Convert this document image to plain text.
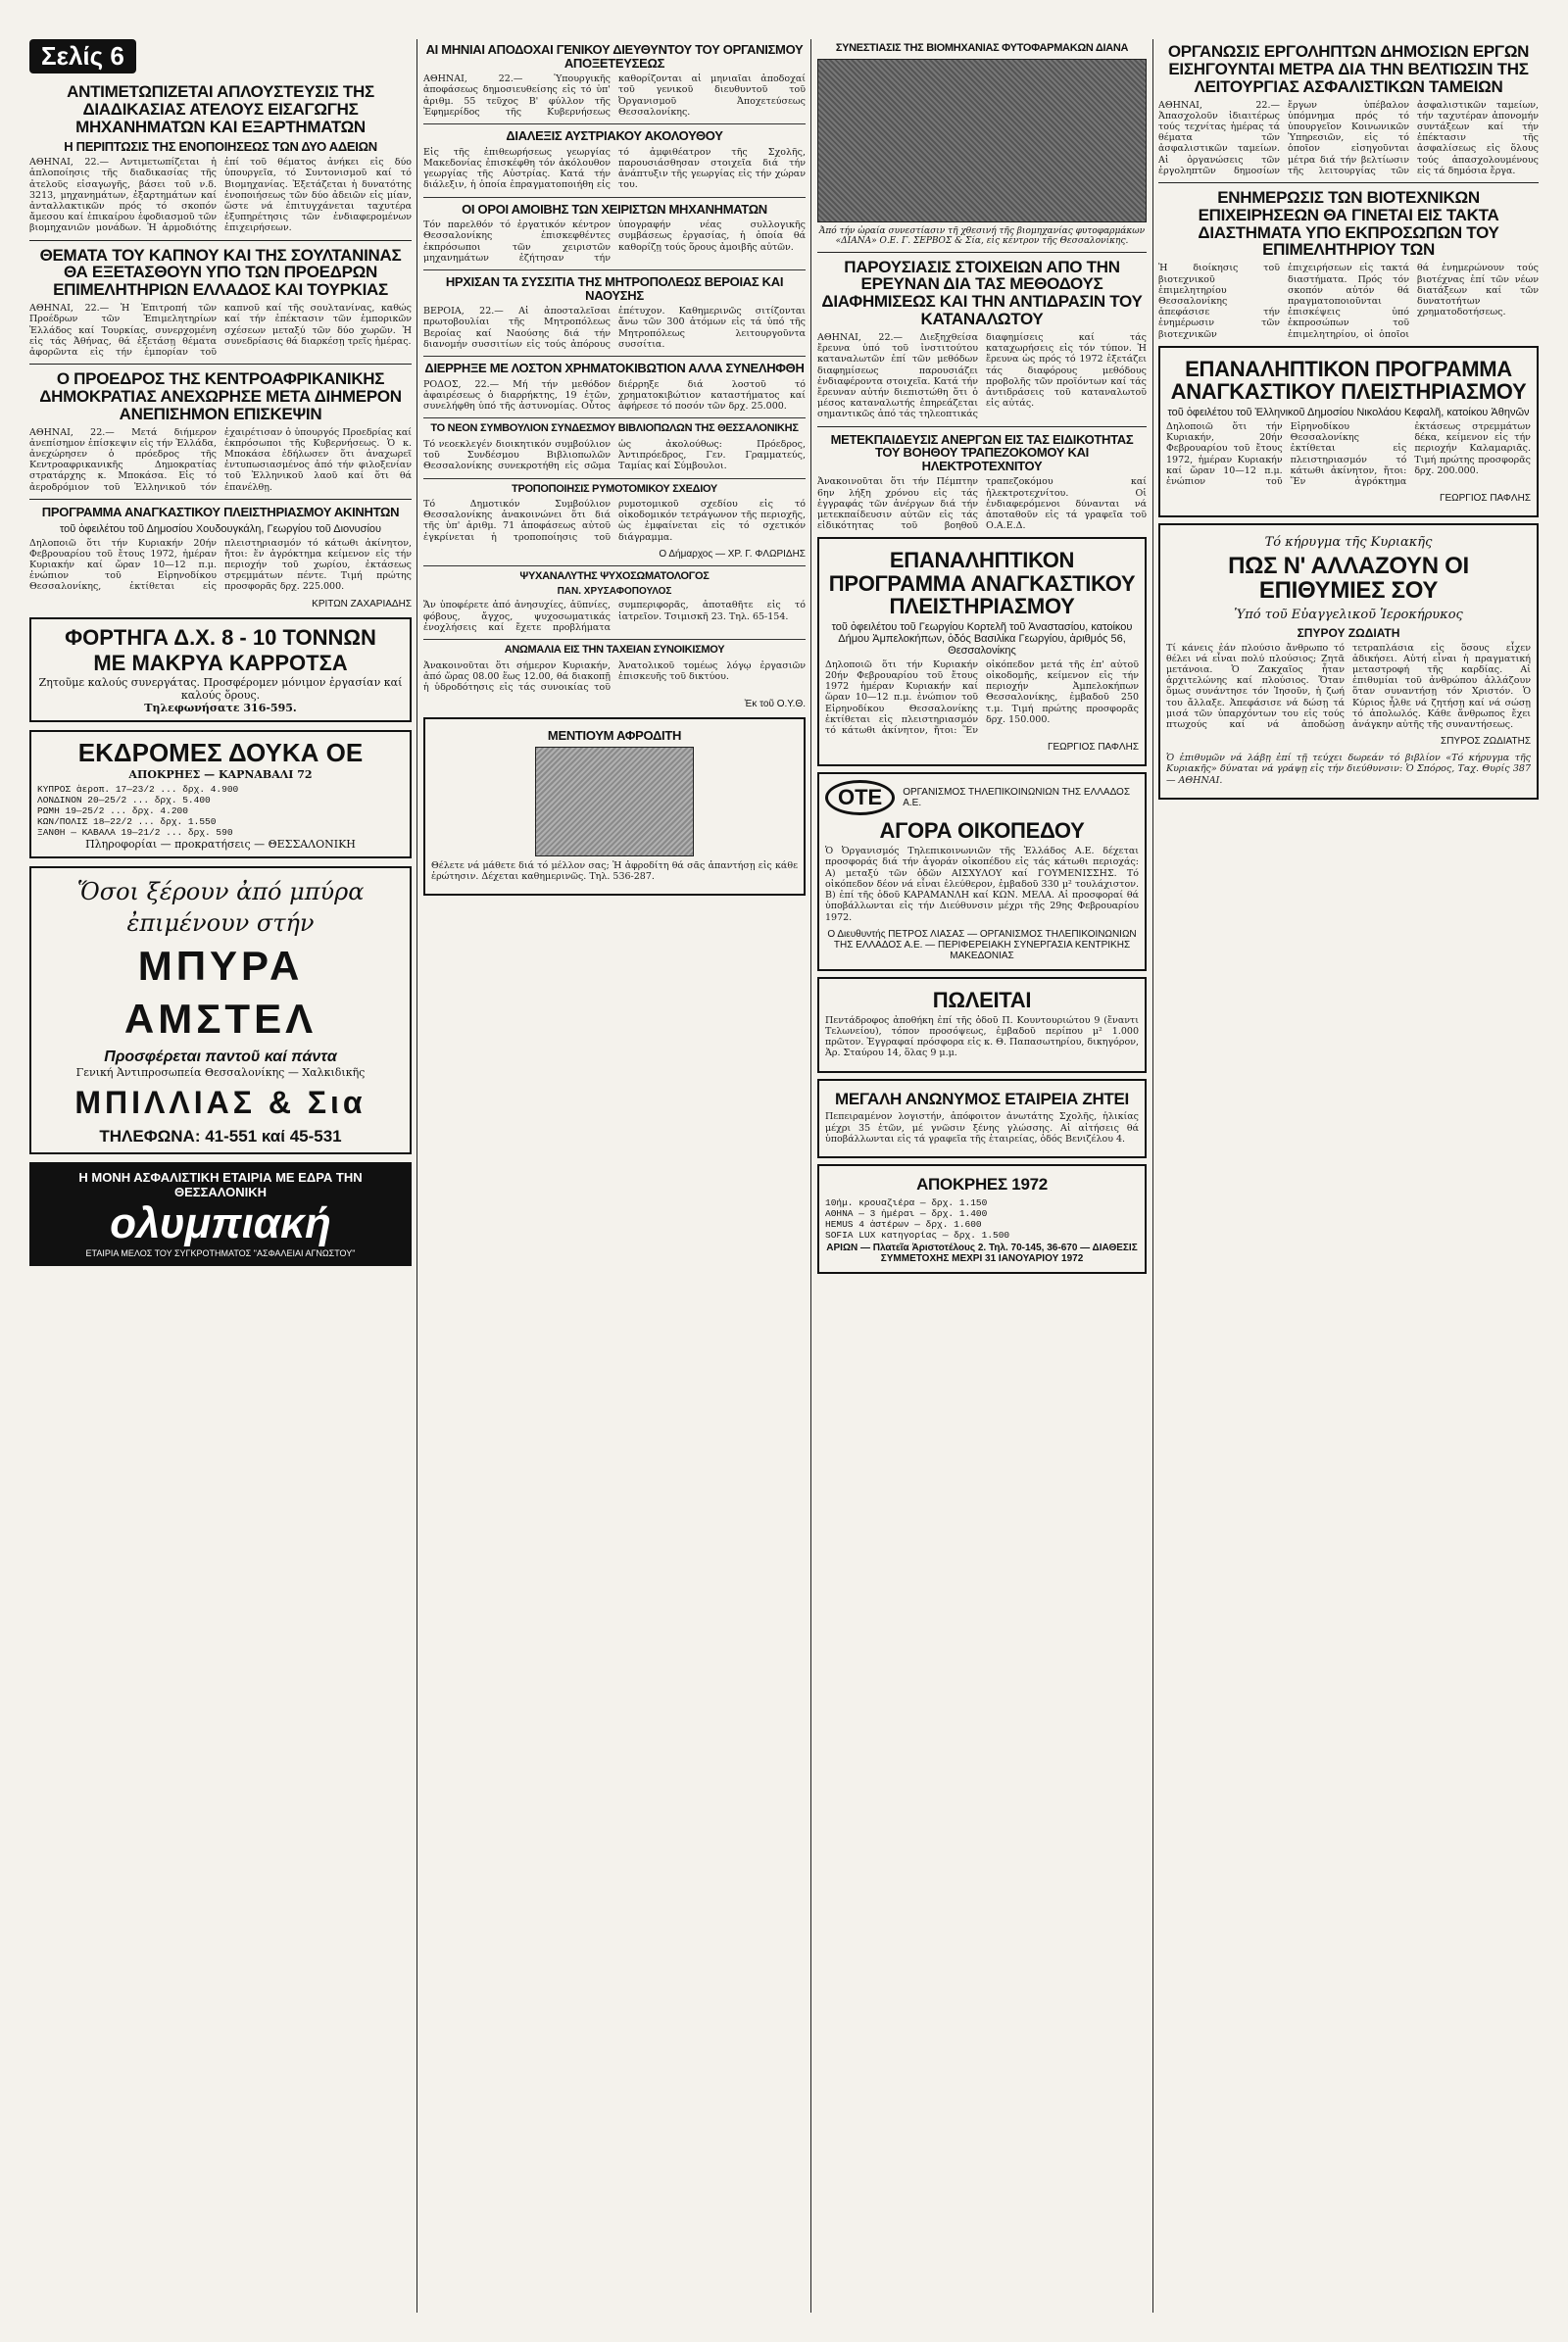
Σελίς 6
ΑΝΤΙΜΕΤΩΠΙΖΕΤΑΙ ΑΠΛΟΥΣΤΕΥΣΙΣ ΤΗΣ ΔΙΑΔΙΚΑΣΙΑΣ ΑΤΕΛΟΥΣ ΕΙΣΑΓΩΓΗΣ ΜΗΧΑΝΗΜΑΤΩΝ ΚΑΙ ΕΞΑΡΤΗΜΑΤΩΝ
Η ΠΕΡΙΠΤΩΣΙΣ ΤΗΣ ΕΝΟΠΟΙΗΣΕΩΣ ΤΩΝ ΔΥΟ ΑΔΕΙΩΝ
ΑΘΗΝΑΙ, 22.— Αντιμετωπίζεται ἡ ἁπλοποίησις τῆς διαδικασίας τῆς ἀτελοῦς εἰσαγωγῆς, βάσει τοῦ ν.δ. 3213, μηχανημάτων, ἐξαρτημάτων καί ἀνταλλακτικῶν πρός τό σκοπόν ἄμεσου καί ἐπικαίρου ἐφοδιασμοῦ τῶν βιομηχανιῶν μονάδων. Ἡ ἁρμοδιότης ἐπί τοῦ θέματος ἀνήκει εἰς δύο ὑπουργεῖα, τό Συντονισμοῦ καί τό Βιομηχανίας. Ἐξετάζεται ἡ δυνατότης ἐνοποιήσεως τῶν δύο ἀδειῶν εἰς μίαν, ὥστε νά ἐπιτυγχάνεται ταχυτέρα ἐξυπηρέτησις τῶν ἐνδιαφερομένων ἐπιχειρήσεων.
ΘΕΜΑΤΑ ΤΟΥ ΚΑΠΝΟΥ ΚΑΙ ΤΗΣ ΣΟΥΛΤΑΝΙΝΑΣ ΘΑ ΕΞΕΤΑΣΘΟΥΝ ΥΠΟ ΤΩΝ ΠΡΟΕΔΡΩΝ ΕΠΙΜΕΛΗΤΗΡΙΩΝ ΕΛΛΑΔΟΣ ΚΑΙ ΤΟΥΡΚΙΑΣ
ΑΘΗΝΑΙ, 22.— Ἡ Ἐπιτροπή τῶν Προέδρων τῶν Ἐπιμελητηρίων Ἑλλάδος καί Τουρκίας, συνερχομένη εἰς τάς Ἀθήνας, θά ἐξετάσῃ θέματα ἀφορῶντα εἰς τήν ἐμπορίαν τοῦ καπνοῦ καί τῆς σουλτανίνας, καθώς καί τήν ἐπέκτασιν τῶν ἐμπορικῶν σχέσεων μεταξύ τῶν δύο χωρῶν. Ἡ συνεδρίασις θά διαρκέσῃ τρεῖς ἡμέρας.
Ο ΠΡΟΕΔΡΟΣ ΤΗΣ ΚΕΝΤΡΟΑΦΡΙΚΑΝΙΚΗΣ ΔΗΜΟΚΡΑΤΙΑΣ ΑΝΕΧΩΡΗΣΕ ΜΕΤΑ ΔΙΗΜΕΡΟΝ ΑΝΕΠΙΣΗΜΟΝ ΕΠΙΣΚΕΨΙΝ
ΑΘΗΝΑΙ, 22.— Μετά διήμερον ἀνεπίσημον ἐπίσκεψιν εἰς τήν Ἑλλάδα, ἀνεχώρησεν ὁ πρόεδρος τῆς Κεντροαφρικανικῆς Δημοκρατίας στρατάρχης κ. Μποκάσα. Εἰς τό ἀεροδρόμιον τοῦ Ἑλληνικοῦ τόν ἐχαιρέτισαν ὁ ὑπουργός Προεδρίας καί ἐκπρόσωποι τῆς Κυβερνήσεως. Ὁ κ. Μποκάσα ἐδήλωσεν ὅτι ἀναχωρεῖ ἐντυπωσιασμένος ἀπό τήν φιλοξενίαν τοῦ Ἑλληνικοῦ λαοῦ καί ὅτι θά ἐπανέλθῃ.
ΠΡΟΓΡΑΜΜΑ ΑΝΑΓΚΑΣΤΙΚΟΥ ΠΛΕΙΣΤΗΡΙΑΣΜΟΥ ΑΚΙΝΗΤΩΝ
τοῦ ὀφειλέτου τοῦ Δημοσίου Χουδουγκάλη, Γεωργίου τοῦ Διονυσίου
Δηλοποιῶ ὅτι τήν Κυριακήν 20ήν Φεβρουαρίου τοῦ ἔτους 1972, ἡμέραν Κυριακήν καί ὥραν 10—12 π.μ. ἐνώπιον τοῦ Εἰρηνοδίκου Θεσσαλονίκης, ἐκτίθεται εἰς πλειστηριασμόν τό κάτωθι ἀκίνητον, ἤτοι: ἕν ἀγρόκτημα κείμενον εἰς τήν περιοχήν τοῦ χωρίου, ἐκτάσεως στρεμμάτων πέντε. Τιμή πρώτης προσφορᾶς δρχ. 225.000.
ΚΡΙΤΩΝ ΖΑΧΑΡΙΑΔΗΣ
ΦΟΡΤΗΓΑ Δ.Χ. 8 - 10 ΤΟΝΝΩΝ
ΜΕ ΜΑΚΡΥΑ ΚΑΡΡΟΤΣΑ
Ζητοῦμε καλούς συνεργάτας. Προσφέρομεν μόνιμον ἐργασίαν καί καλούς ὅρους.
Τηλεφωνήσατε 316-595.
ΕΚΔΡΟΜΕΣ ΔΟΥΚΑ ΟΕ
ΑΠΟΚΡΗΕΣ — ΚΑΡΝΑΒΑΛΙ 72
ΚΥΠΡΟΣ ἀεροπ. 17—23/2 ... δρχ. 4.900
ΛΟΝΔΙΝΟΝ 20—25/2 ... δρχ. 5.400
ΡΩΜΗ 19—25/2 ... δρχ. 4.200
ΚΩΝ/ΠΟΛΙΣ 18—22/2 ... δρχ. 1.550
ΞΑΝΘΗ — ΚΑΒΑΛΑ 19—21/2 ... δρχ. 590
Πληροφορίαι — προκρατήσεις — ΘΕΣΣΑΛΟΝΙΚΗ
Ὅσοι ξέρουν ἀπό μπύρα
ἐπιμένουν στήν
ΜΠΥΡΑ
ΑΜΣΤΕΛ
Προσφέρεται παντοῦ καί πάντα
Γενική Ἀντιπροσωπεία Θεσσαλονίκης — Χαλκιδικῆς
ΜΠΙΛΛΙΑΣ & Σια
ΤΗΛΕΦΩΝΑ: 41-551 καί 45-531
Η ΜΟΝΗ ΑΣΦΑΛΙΣΤΙΚΗ ΕΤΑΙΡΙΑ ΜΕ ΕΔΡΑ ΤΗΝ ΘΕΣΣΑΛΟΝΙΚΗ
ολυμπιακή
ΕΤΑΙΡΙΑ ΜΕΛΟΣ ΤΟΥ ΣΥΓΚΡΟΤΗΜΑΤΟΣ "ΑΣΦΑΛΕΙΑΙ ΑΓΝΩΣΤΟΥ"
ΑΙ ΜΗΝΙΑΙ ΑΠΟΔΟΧΑΙ ΓΕΝΙΚΟΥ ΔΙΕΥΘΥΝΤΟΥ ΤΟΥ ΟΡΓΑΝΙΣΜΟΥ ΑΠΟΞΕΤΕΥΣΕΩΣ
ΑΘΗΝΑΙ, 22.— Ὑπουργικῆς ἀποφάσεως δημοσιευθείσης εἰς τό ὑπ' ἀριθμ. 55 τεῦχος Β' φύλλον τῆς Ἐφημερίδος τῆς Κυβερνήσεως καθορίζονται αἱ μηνιαῖαι ἀποδοχαί τοῦ γενικοῦ διευθυντοῦ τοῦ Ὀργανισμοῦ Ἀποχετεύσεως Θεσσαλονίκης.
ΔΙΑΛΕΞΙΣ ΑΥΣΤΡΙΑΚΟΥ ΑΚΟΛΟΥΘΟΥ
Εἰς τῆς ἐπιθεωρήσεως γεωργίας Μακεδονίας ἐπισκέφθη τόν ἀκόλουθον γεωργίας τῆς Αὐστρίας. Κατά τήν διάλεξιν, ἡ ὁποία ἐπραγματοποιήθη εἰς τό ἀμφιθέατρον τῆς Σχολῆς, παρουσιάσθησαν στοιχεῖα διά τήν ἀνάπτυξιν τῆς γεωργίας εἰς τήν χώραν του.
ΟΙ ΟΡΟΙ ΑΜΟΙΒΗΣ ΤΩΝ ΧΕΙΡΙΣΤΩΝ ΜΗΧΑΝΗΜΑΤΩΝ
Τόν παρελθόν τό ἐργατικόν κέντρον Θεσσαλονίκης ἐπισκεφθέντες ἐκπρόσωποι τῶν χειριστῶν μηχανημάτων ἐζήτησαν τήν ὑπογραφήν νέας συλλογικῆς συμβάσεως ἐργασίας, ἡ ὁποία θά καθορίζῃ τούς ὅρους ἀμοιβῆς αὐτῶν.
ΗΡΧΙΣΑΝ ΤΑ ΣΥΣΣΙΤΙΑ ΤΗΣ ΜΗΤΡΟΠΟΛΕΩΣ ΒΕΡΟΙΑΣ ΚΑΙ ΝΑΟΥΣΗΣ
ΒΕΡΟΙΑ, 22.— Αἱ ἀποσταλεῖσαι πρωτοβουλίαι τῆς Μητροπόλεως Βεροίας καί Ναούσης διά τήν διανομήν συσσιτίων εἰς τούς ἀπόρους ἐπέτυχον. Καθημερινῶς σιτίζονται ἄνω τῶν 300 ἀτόμων εἰς τά ὑπό τῆς Μητροπόλεως λειτουργοῦντα συσσίτια.
ΔΙΕΡΡΗΞΕ ΜΕ ΛΟΣΤΟΝ ΧΡΗΜΑΤΟΚΙΒΩΤΙΟΝ ΑΛΛΑ ΣΥΝΕΛΗΦΘΗ
ΡΟΔΟΣ, 22.— Μή τήν μεθόδον ἀφαιρέσεως ὁ διαρρήκτης, 19 ἐτῶν, συνελήφθη ὑπό τῆς ἀστυνομίας. Οὗτος διέρρηξε διά λοστοῦ τό χρηματοκιβώτιον καταστήματος καί ἀφήρεσε τό ποσόν τῶν δρχ. 25.000.
ΤΟ ΝΕΟΝ ΣΥΜΒΟΥΛΙΟΝ ΣΥΝΔΕΣΜΟΥ ΒΙΒΛΙΟΠΩΛΩΝ ΤΗΣ ΘΕΣΣΑΛΟΝΙΚΗΣ
Τό νεοεκλεγέν διοικητικόν συμβούλιον τοῦ Συνδέσμου Βιβλιοπωλῶν Θεσσαλονίκης συνεκροτήθη εἰς σῶμα ὡς ἀκολούθως: Πρόεδρος, Ἀντιπρόεδρος, Γεν. Γραμματεύς, Ταμίας καί Σύμβουλοι.
ΤΡΟΠΟΠΟΙΗΣΙΣ ΡΥΜΟΤΟΜΙΚΟΥ ΣΧΕΔΙΟΥ
Τό Δημοτικόν Συμβούλιον Θεσσαλονίκης ἀνακοινώνει ὅτι διά τῆς ὑπ' ἀριθμ. 71 ἀποφάσεως αὐτοῦ ἐγκρίνεται ἡ τροποποίησις τοῦ ρυμοτομικοῦ σχεδίου εἰς τό οἰκοδομικόν τετράγωνον τῆς περιοχῆς, ὡς ἐμφαίνεται εἰς τό σχετικόν διάγραμμα.
Ο Δήμαρχος — ΧΡ. Γ. ΦΛΩΡΙΔΗΣ
ΨΥΧΑΝΑΛΥΤΗΣ ΨΥΧΟΣΩΜΑΤΟΛΟΓΟΣ
ΠΑΝ. ΧΡΥΣΑΦΟΠΟΥΛΟΣ
Ἄν ὑποφέρετε ἀπό ἀνησυχίες, ἀϋπνίες, φόβους, ἄγχος, ψυχοσωματικάς ἐνοχλήσεις καί ἔχετε προβλήματα συμπεριφορᾶς, ἀποταθῆτε εἰς τό ἰατρεῖον. Τσιμισκῆ 23. Τηλ. 65-154.
ΑΝΩΜΑΛΙΑ ΕΙΣ ΤΗΝ ΤΑΧΕΙΑΝ ΣΥΝΟΙΚΙΣΜΟΥ
Ἀνακοινοῦται ὅτι σήμερον Κυριακήν, ἀπό ὥρας 08.00 ἕως 12.00, θά διακοπῇ ἡ ὑδροδότησις εἰς τάς συνοικίας τοῦ Ἀνατολικοῦ τομέως λόγῳ ἐργασιῶν ἐπισκευῆς τοῦ δικτύου.
Ἐκ τοῦ Ο.Υ.Θ.
ΜΕΝΤΙΟΥΜ ΑΦΡΟΔΙΤΗ
Θέλετε νά μάθετε διά τό μέλλον σας; Ἡ ἀφροδίτη θά σᾶς ἀπαντήσῃ εἰς κάθε ἐρώτησιν. Δέχεται καθημερινῶς. Τηλ. 536-287.
ΣΥΝΕΣΤΙΑΣΙΣ ΤΗΣ ΒΙΟΜΗΧΑΝΙΑΣ ΦΥΤΟΦΑΡΜΑΚΩΝ ΔΙΑΝΑ
Ἀπό τήν ὡραία συνεστίασιν τῆ χθεσινή τῆς βιομηχανίας φυτοφαρμάκων «ΔΙΑΝΑ» Ο.Ε. Γ. ΣΕΡΒΟΣ & Σία, εἰς κέντρον τῆς Θεσσαλονίκης.
ΠΑΡΟΥΣΙΑΣΙΣ ΣΤΟΙΧΕΙΩΝ ΑΠΟ ΤΗΝ ΕΡΕΥΝΑΝ ΔΙΑ ΤΑΣ ΜΕΘΟΔΟΥΣ ΔΙΑΦΗΜΙΣΕΩΣ ΚΑΙ ΤΗΝ ΑΝΤΙΔΡΑΣΙΝ ΤΟΥ ΚΑΤΑΝΑΛΩΤΟΥ
ΑΘΗΝΑΙ, 22.— Διεξηχθείσα ἔρευνα ὑπό τοῦ ἰνστιτούτου καταναλωτῶν ἐπί τῶν μεθόδων διαφημίσεως παρουσιάζει ἐνδιαφέροντα στοιχεῖα. Κατά τήν ἔρευναν αὐτήν διεπιστώθη ὅτι ὁ μέσος καταναλωτής ἐπηρεάζεται σημαντικῶς ἀπό τάς τηλεοπτικάς διαφημίσεις καί τάς καταχωρήσεις εἰς τόν τύπον. Ἡ ἔρευνα ὡς πρός τό 1972 ἐξετάζει τάς διαφόρους μεθόδους προβολῆς τῶν προϊόντων καί τάς ἀντιδράσεις τοῦ καταναλωτοῦ εἰς αὐτάς.
ΜΕΤΕΚΠΑΙΔΕΥΣΙΣ ΑΝΕΡΓΩΝ ΕΙΣ ΤΑΣ ΕΙΔΙΚΟΤΗΤΑΣ ΤΟΥ ΒΟΗΘΟΥ ΤΡΑΠΕΖΟΚΟΜΟΥ ΚΑΙ ΗΛΕΚΤΡΟΤΕΧΝΙΤΟΥ
Ἀνακοινοῦται ὅτι τήν Πέμπτην 6ην λήξη χρόνου εἰς τάς ἐγγραφάς τῶν ἀνέργων διά τήν μετεκπαίδευσιν αὐτῶν εἰς τάς εἰδικότητας τοῦ βοηθοῦ τραπεζοκόμου καί ἠλεκτροτεχνίτου. Οἱ ἐνδιαφερόμενοι δύνανται νά ἀποταθοῦν εἰς τά γραφεῖα τοῦ Ο.Α.Ε.Δ.
ΕΠΑΝΑΛΗΠΤΙΚΟΝ ΠΡΟΓΡΑΜΜΑ ΑΝΑΓΚΑΣΤΙΚΟΥ ΠΛΕΙΣΤΗΡΙΑΣΜΟΥ
τοῦ ὀφειλέτου τοῦ Γεωργίου Κορτελῆ τοῦ Ἀναστασίου, κατοίκου Δήμου Ἀμπελοκήπων, ὁδός Βασιλίκα Γεωργίου, ἀριθμός 56, Θεσσαλονίκης
Δηλοποιῶ ὅτι τήν Κυριακήν 20ήν Φεβρουαρίου τοῦ ἔτους 1972 ἡμέραν Κυριακήν καί ὥραν 10—12 π.μ. ἐνώπιον τοῦ Εἰρηνοδίκου Θεσσαλονίκης ἐκτίθεται εἰς πλειστηριασμόν τό κάτωθι ἀκίνητον, ἤτοι: Ἕν οἰκόπεδον μετά τῆς ἐπ' αὐτοῦ οἰκοδομῆς, κείμενον εἰς τήν περιοχήν Ἀμπελοκήπων Θεσσαλονίκης, ἐμβαδοῦ 250 τ.μ. Τιμή πρώτης προσφορᾶς δρχ. 150.000.
ΓΕΩΡΓΙΟΣ ΠΑΦΛΗΣ
ΟΤΕ	ΟΡΓΑΝΙΣΜΟΣ ΤΗΛΕΠΙΚΟΙΝΩΝΙΩΝ ΤΗΣ ΕΛΛΑΔΟΣ Α.Ε.
ΑΓΟΡΑ ΟΙΚΟΠΕΔΟΥ
Ὁ Ὀργανισμός Τηλεπικοινωνιῶν τῆς Ἑλλάδος Α.Ε. δέχεται προσφοράς διά τήν ἀγοράν οἰκοπέδου εἰς τάς κάτωθι περιοχάς: Α) μεταξύ τῶν ὁδῶν ΑΙΣΧΥΛΟΥ καί ΓΟΥΜΕΝΙΣΣΗΣ. Τό οἰκόπεδον δέον νά εἶναι ἐλεύθερον, ἐμβαδοῦ 330 μ² τουλάχιστον. Β) ἐπί τῆς ὁδοῦ ΚΑΡΑΜΑΝΛΗ καί ΚΩΝ. ΜΕΛΑ. Αἱ προσφοραί θά ὑποβάλλωνται εἰς τήν Διεύθυνσιν μέχρι τῆς 29ης Φεβρουαρίου 1972.
Ο Διευθυντής ΠΕΤΡΟΣ ΛΙΑΣΑΣ — ΟΡΓΑΝΙΣΜΟΣ ΤΗΛΕΠΙΚΟΙΝΩΝΙΩΝ ΤΗΣ ΕΛΛΑΔΟΣ Α.Ε. — ΠΕΡΙΦΕΡΕΙΑΚΗ ΣΥΝΕΡΓΑΣΙΑ ΚΕΝΤΡΙΚΗΣ ΜΑΚΕΔΟΝΙΑΣ
ΠΩΛΕΙΤΑΙ
Πεντάδροφος ἀποθήκη ἐπί τῆς ὁδοῦ Π. Κουντουριώτου 9 (ἔναντι Τελωνείου), τόπον προσόψεως, ἐμβαδοῦ περίπου μ² 1.000 πρῶτον. Ἐγγραφαί πρόσφορα εἰς κ. Θ. Παπασωτηρίου, δικηγόρον, Ἀρ. Σταύρου 14, ὅλας 9 μ.μ.
ΜΕΓΑΛΗ ΑΝΩΝΥΜΟΣ ΕΤΑΙΡΕΙΑ ΖΗΤΕΙ
Πεπειραμένον λογιστήν, ἀπόφοιτον ἀνωτάτης Σχολῆς, ἡλικίας μέχρι 35 ἐτῶν, μέ γνῶσιν ξένης γλώσσης. Αἱ αἰτήσεις θά ὑποβάλλωνται εἰς τά γραφεῖα τῆς ἑταιρείας, ὁδός Βενιζέλου 4.
ΑΠΟΚΡΗΕΣ 1972
10ήμ. κρουαζιέρα — δρχ. 1.150
ΑΘΗΝΑ — 3 ἡμέραι — δρχ. 1.400
HEMUS 4 ἀστέρων — δρχ. 1.600
SOFIA LUX κατηγορίας — δρχ. 1.500
ΑΡΙΩΝ — Πλατεῖα Ἀριστοτέλους 2. Τηλ. 70-145, 36-670 — ΔΙΑΘΕΣΙΣ ΣΥΜΜΕΤΟΧΗΣ ΜΕΧΡΙ 31 ΙΑΝΟΥΑΡΙΟΥ 1972
ΟΡΓΑΝΩΣΙΣ ΕΡΓΟΛΗΠΤΩΝ ΔΗΜΟΣΙΩΝ ΕΡΓΩΝ ΕΙΣΗΓΟΥΝΤΑΙ ΜΕΤΡΑ ΔΙΑ ΤΗΝ ΒΕΛΤΙΩΣΙΝ ΤΗΣ ΛΕΙΤΟΥΡΓΙΑΣ ΑΣΦΑΛΙΣΤΙΚΩΝ ΤΑΜΕΙΩΝ
ΑΘΗΝΑΙ, 22.— Ἀπασχολοῦν ἰδιαιτέρως τούς τεχνίτας ἡμέρας τά θέματα τῶν ἀσφαλιστικῶν ταμείων. Αἱ ὀργανώσεις τῶν ἐργοληπτῶν δημοσίων ἔργων ὑπέβαλον ὑπόμνημα πρός τό ὑπουργεῖον Κοινωνικῶν Ὑπηρεσιῶν, εἰς τό ὁποῖον εἰσηγοῦνται μέτρα διά τήν βελτίωσιν τῆς λειτουργίας τῶν ἀσφαλιστικῶν ταμείων, τήν ταχυτέραν ἀπονομήν συντάξεων καί τήν ἐπέκτασιν τῆς ἀσφαλίσεως εἰς ὅλους τούς ἀπασχολουμένους εἰς τά δημόσια ἔργα.
ΕΝΗΜΕΡΩΣΙΣ ΤΩΝ ΒΙΟΤΕΧΝΙΚΩΝ ΕΠΙΧΕΙΡΗΣΕΩΝ ΘΑ ΓΙΝΕΤΑΙ ΕΙΣ ΤΑΚΤΑ ΔΙΑΣΤΗΜΑΤΑ ΥΠΟ ΕΚΠΡΟΣΩΠΩΝ ΤΟΥ ΕΠΙΜΕΛΗΤΗΡΙΟΥ ΤΩΝ
Ἡ διοίκησις τοῦ βιοτεχνικοῦ ἐπιμελητηρίου Θεσσαλονίκης ἀπεφάσισε τήν ἐνημέρωσιν τῶν βιοτεχνικῶν ἐπιχειρήσεων εἰς τακτά διαστήματα. Πρός τόν σκοπόν αὐτόν θά πραγματοποιοῦνται ἐπισκέψεις ὑπό ἐκπροσώπων τοῦ ἐπιμελητηρίου, οἱ ὁποῖοι θά ἐνημερώνουν τούς βιοτέχνας ἐπί τῶν νέων διατάξεων καί τῶν δυνατοτήτων χρηματοδοτήσεως.
ΕΠΑΝΑΛΗΠΤΙΚΟΝ ΠΡΟΓΡΑΜΜΑ ΑΝΑΓΚΑΣΤΙΚΟΥ ΠΛΕΙΣΤΗΡΙΑΣΜΟΥ
τοῦ ὀφειλέτου τοῦ Ἑλληνικοῦ Δημοσίου Νικολάου Κεφαλῆ, κατοίκου Ἀθηνῶν
Δηλοποιῶ ὅτι τήν Κυριακήν, 20ήν Φεβρουαρίου τοῦ ἔτους 1972, ἡμέραν Κυριακήν καί ὥραν 10—12 π.μ. ἐνώπιον τοῦ Εἰρηνοδίκου Θεσσαλονίκης ἐκτίθεται εἰς πλειστηριασμόν τό κάτωθι ἀκίνητον, ἤτοι: Ἕν ἀγρόκτημα ἐκτάσεως στρεμμάτων δέκα, κείμενον εἰς τήν περιοχήν Καλαμαριᾶς. Τιμή πρώτης προσφορᾶς δρχ. 200.000.
ΓΕΩΡΓΙΟΣ ΠΑΦΛΗΣ
Τό κήρυγμα τῆς Κυριακῆς
ΠΩΣ Ν' ΑΛΛΑΖΟΥΝ ΟΙ ΕΠΙΘΥΜΙΕΣ ΣΟΥ
Ὑπό τοῦ Εὐαγγελικοῦ Ἱεροκήρυκος
ΣΠΥΡΟΥ ΖΩΔΙΑΤΗ
Τί κάνεις ἐάν πλούσιο ἄνθρωπο τό θέλει νά εἶναι πολύ πλούσιος; Ζητᾶ μετάνοια. Ὁ Ζακχαῖος ἦταν ἀρχιτελώνης καί πλούσιος. Ὅταν ὅμως συνάντησε τόν Ἰησοῦν, ἡ ζωή του ἄλλαξε. Ἀπεφάσισε νά δώσῃ τά μισά τῶν ὑπαρχόντων του εἰς τούς πτωχούς καί νά ἀποδώσῃ τετραπλάσια εἰς ὅσους εἶχεν ἀδικήσει. Αὐτή εἶναι ἡ πραγματική μεταστροφή τῆς καρδίας. Αἱ ἐπιθυμίαι τοῦ ἀνθρώπου ἀλλάζουν ὅταν συναντήσῃ τόν Χριστόν. Ὁ Κύριος ἦλθε νά ζητήσῃ καί νά σώσῃ τό ἀπολωλός. Κάθε ἄνθρωπος ἔχει ἀνάγκην αὐτῆς τῆς συναντήσεως.
ΣΠΥΡΟΣ ΖΩΔΙΑΤΗΣ
Ὁ ἐπιθυμῶν νά λάβῃ ἐπί τῇ τεύχει δωρεάν τό βιβλίον «Τό κήρυγμα τῆς Κυριακῆς» δύναται νά γράψῃ εἰς τήν διεύθυνσιν: Ὁ Σπόρος, Ταχ. Θυρίς 387 — ΑΘΗΝΑΙ.
